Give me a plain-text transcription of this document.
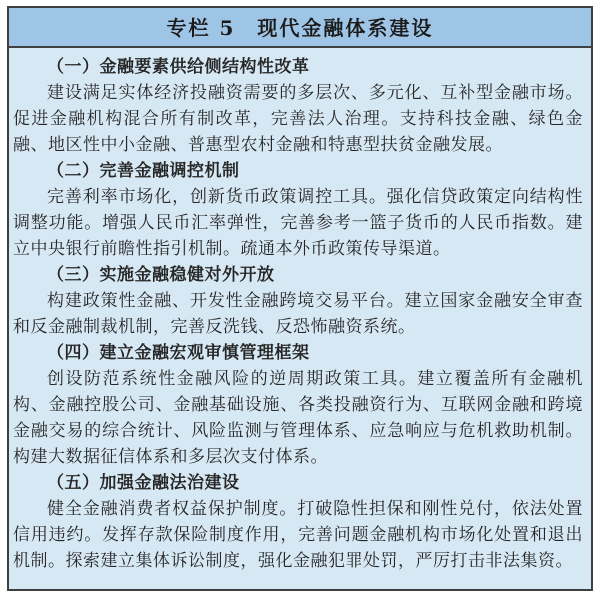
专栏 5　现代金融体系建设

（一）金融要素供给侧结构性改革

建设满足实体经济投融资需要的多层次、多元化、互补型金融市场。促进金融机构混合所有制改革，完善法人治理。支持科技金融、绿色金融、地区性中小金融、普惠型农村金融和特惠型扶贫金融发展。

（二）完善金融调控机制

完善利率市场化，创新货币政策调控工具。强化信贷政策定向结构性调整功能。增强人民币汇率弹性，完善参考一篮子货币的人民币指数。建立中央银行前瞻性指引机制。疏通本外币政策传导渠道。

（三）实施金融稳健对外开放

构建政策性金融、开发性金融跨境交易平台。建立国家金融安全审查和反金融制裁机制，完善反洗钱、反恐怖融资系统。

（四）建立金融宏观审慎管理框架

创设防范系统性金融风险的逆周期政策工具。建立覆盖所有金融机构、金融控股公司、金融基础设施、各类投融资行为、互联网金融和跨境金融交易的综合统计、风险监测与管理体系、应急响应与危机救助机制。构建大数据征信体系和多层次支付体系。

（五）加强金融法治建设

健全金融消费者权益保护制度。打破隐性担保和刚性兑付，依法处置信用违约。发挥存款保险制度作用，完善问题金融机构市场化处置和退出机制。探索建立集体诉讼制度，强化金融犯罪处罚，严厉打击非法集资。
